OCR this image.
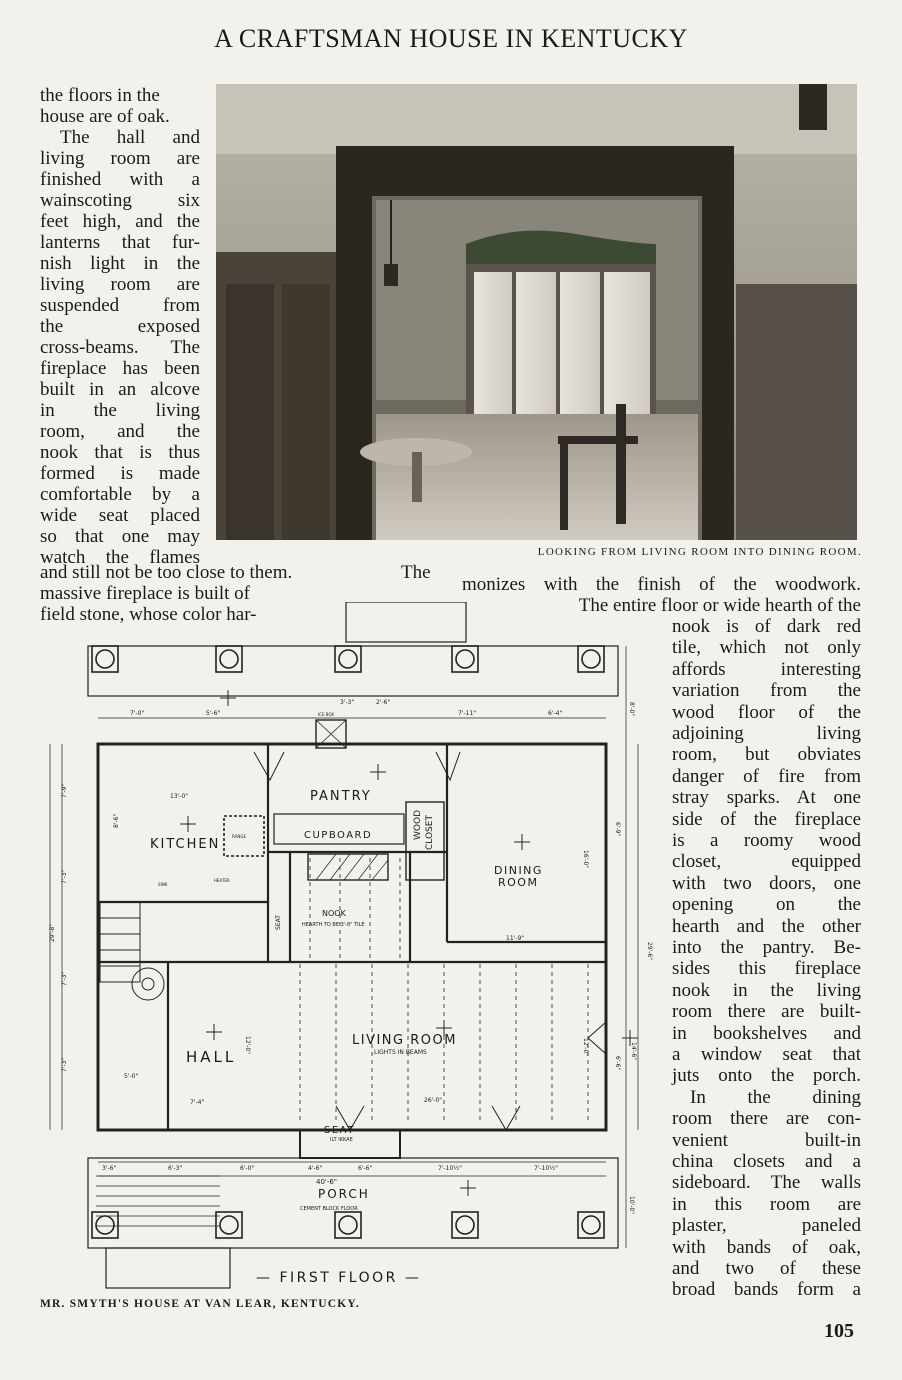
A CRAFTSMAN HOUSE IN KENTUCKY
the floors in the
house are of oak.
The hall and
living room are
finished with a
wainscoting six
feet high, and the
lanterns that fur-
nish light in the
living room are
suspended from
the exposed
cross-beams. The
fireplace has been
built in an alcove
in the living
room, and the
nook that is thus
formed is made
comfortable by a
wide seat placed
so that one may
watch the flames	LOOKING FROM LIVING ROOM INTO DINING ROOM.
and still not be too close to them.	The
massive fireplace is built of
field stone, whose color har-
monizes with the finish of the woodwork.
The entire floor or wide hearth of the
nook is of dark red
tile, which not only
affords interesting
variation from the
wood floor of the
adjoining living
room, but obviates
danger of fire from
stray sparks. At one
side of the fireplace
is a roomy wood
closet, equipped
with two doors, one
opening on the
hearth and the other
into the pantry. Be-
sides this fireplace
nook in the living
room there are built-
in bookshelves and
a window seat that
juts onto the porch.
In the dining
room there are con-
venient built-in
china closets and a
sideboard. The walls
in this room are
plaster, paneled
with bands of oak,
and two of these
broad bands form a
PANTRY
CUPBOARD
KITCHEN
WOOD CLOSET
DINING
ROOM
NOOK
HEARTH TO BE 3'-8" TILE
LIVING ROOM
LIGHTS IN BEAMS
HALL
SEAT
ILT IKKAE
PORCH
CEMENT BLOCK FLOOR
ICE BOX
SINK
HEATER
RANGE
SEAT
7'-0"	5'-6"
3'-3"	2'-6"
7'-11"	6'-4"
13'-0"
11'-9"
26'-0"
7'-4"
3'-6"	6'-3"	6'-0"	4'-6"	6'-6"	7'-10½"	7'-10½"
40'-6"
29'-8"
29'-6"
14'-6"
8'-0"
10'-0"
7'-9"
7'-3"
7'-3"
7'-3"
6'-9"
6'-6"
12'-0"
16'-0"
5'-0"
12'-0"
8'-6"
— FIRST FLOOR —
MR. SMYTH'S HOUSE AT VAN LEAR, KENTUCKY.
105
